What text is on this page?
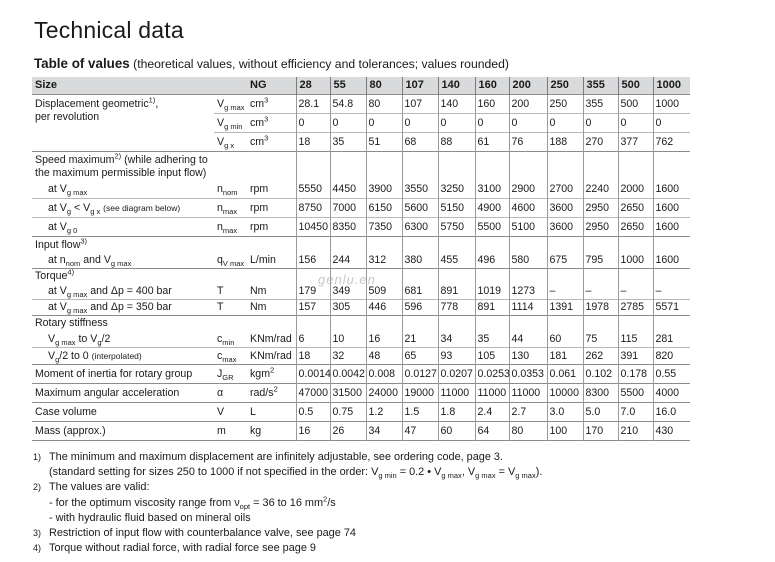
Technical data
Table of values (theoretical values, without efficiency and tolerances; values rounded)
genlu.en
Size		NG	28	55	80	107	140	160	200	250	355	500	1000
Displacement geometric$^{1)}$,
per revolution	$V_{g max}$	$cm^3$	28.1	54.8	80	107	140	160	200	250	355	500	1000
	$V_{g min}$	$cm^3$	0	0	0	0	0	0	0	0	0	0	0
	$V_{g x}$	$cm^3$	18	35	51	68	88	61	76	188	270	377	762
Speed maximum$^{2)}$ (while adhering to
the maximum permissible input flow)													
at $V_{g max}$	$n_{nom}$	rpm	5550	4450	3900	3550	3250	3100	2900	2700	2240	2000	1600
at $V_g < V_{g x}$ (see diagram below)	$n_{max}$	rpm	8750	7000	6150	5600	5150	4900	4600	3600	2950	2650	1600
at $V_{g 0}$	$n_{max}$	rpm	10450	8350	7350	6300	5750	5500	5100	3600	2950	2650	1600
Input flow$^{3)}$											
at $n_{nom}$ and $V_{g max}$	$q_{V max}$	L/min	156	244	312	380	455	496	580	675	795	1000	1600
Torque$^{4)}$											
at $V_{g max}$ and Δp = 400 bar	T	Nm	179	349	509	681	891	1019	1273	–	–	–	–
at $V_{g max}$ and Δp = 350 bar	T	Nm	157	305	446	596	778	891	1114	1391	1978	2785	5571
Rotary stiffness													
$V_{g max}$ to $V_g/2$	$c_{min}$	KNm/rad	6	10	16	21	34	35	44	60	75	115	281
$V_g/2$ to 0 (interpolated)	$c_{max}$	KNm/rad	18	32	48	65	93	105	130	181	262	391	820
Moment of inertia for rotary group	$J_{GR}$	kgm$^2$	0.0014	0.0042	0.008	0.0127	0.0207	0.0253	0.0353	0.061	0.102	0.178	0.55
Maximum angular acceleration	α	rad/$s^2$	47000	31500	24000	19000	11000	11000	11000	10000	8300	5500	4000
Case volume	V	L	0.5	0.75	1.2	1.5	1.8	2.4	2.7	3.0	5.0	7.0	16.0
Mass (approx.)	m	kg	16	26	34	47	60	64	80	100	170	210	430
1) The minimum and maximum displacement are infinitely adjustable, see ordering code, page 3.
(standard setting for sizes 250 to 1000 if not specified in the order: $V_{g min} = 0.2$ • $V_{g max}$, $V_{g max} = V_{g max}$).
2) The values are valid:
- for the optimum viscosity range from $\nu_{opt} = 36$ to 16 $mm^2/s$
- with hydraulic fluid based on mineral oils
3) Restriction of input flow with counterbalance valve, see page 74
4) Torque without radial force, with radial force see page 9
